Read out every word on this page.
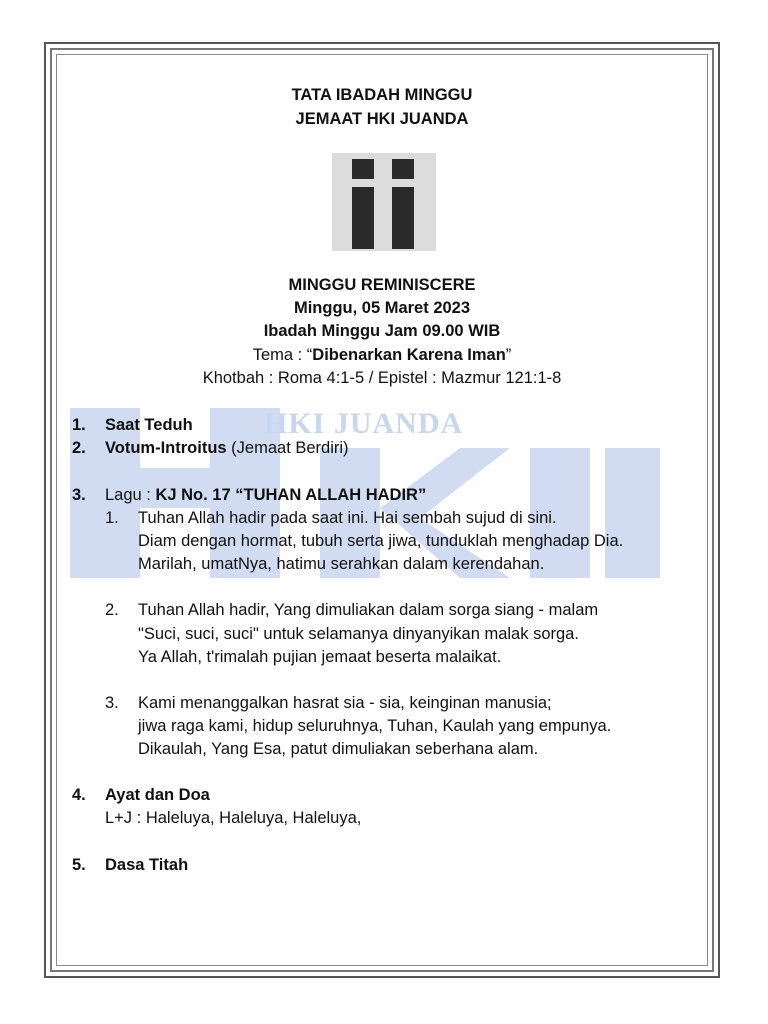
HKI JUANDA
TATA IBADAH MINGGU
JEMAAT HKI JUANDA
MINGGU REMINISCERE
Minggu, 05 Maret 2023
Ibadah Minggu Jam 09.00 WIB
Tema : “Dibenarkan Karena Iman”
Khotbah : Roma 4:1-5 / Epistel : Mazmur 121:1-8
1. Saat Teduh
2. Votum-Introitus (Jemaat Berdiri)
3. Lagu : KJ No. 17 “TUHAN ALLAH HADIR”
1. Tuhan Allah hadir pada saat ini. Hai sembah sujud di sini.
Diam dengan hormat, tubuh serta jiwa, tunduklah menghadap Dia.
Marilah, umatNya, hatimu serahkan dalam kerendahan.
2. Tuhan Allah hadir, Yang dimuliakan dalam sorga siang - malam
"Suci, suci, suci" untuk selamanya dinyanyikan malak sorga.
Ya Allah, t'rimalah pujian jemaat beserta malaikat.
3. Kami menanggalkan hasrat sia - sia, keinginan manusia;
jiwa raga kami, hidup seluruhnya, Tuhan, Kaulah yang empunya.
Dikaulah, Yang Esa, patut dimuliakan seberhana alam.
4. Ayat dan Doa
L+J : Haleluya, Haleluya, Haleluya,
5. Dasa Titah
